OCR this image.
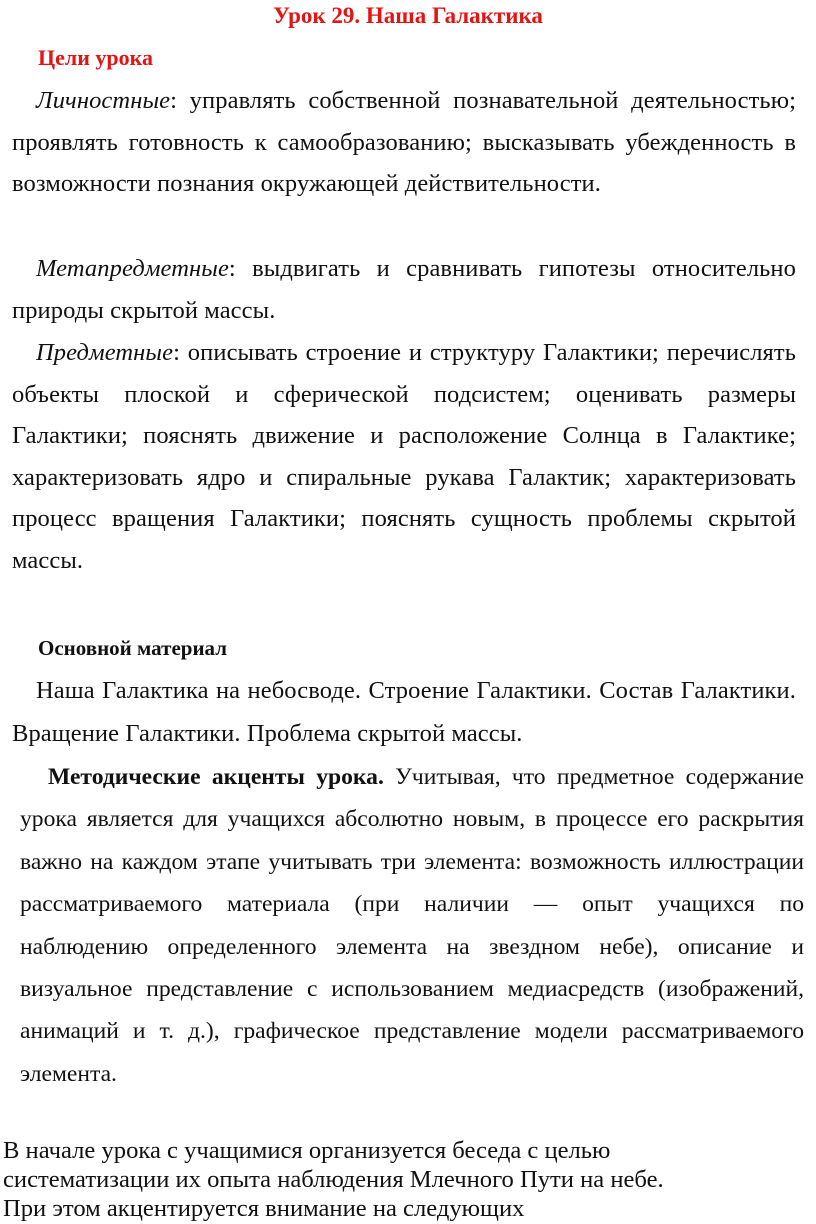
Урок 29. Наша Галактика
Цели урока

Личностные: управлять собственной познавательной деятельностью; проявлять готовность к самообразованию; высказывать убежденность в возможности познания окружающей действительности.

Метапредметные: выдвигать и сравнивать гипотезы относительно природы скрытой массы.

Предметные: описывать строение и структуру Галактики; перечислять объекты плоской и сферической подсистем; оценивать размеры Галактики; пояснять движение и расположение Солнца в Галактике; характеризовать ядро и спиральные рукава Галактик; характеризовать процесс вращения Галактики; пояснять сущность проблемы скрытой массы.

Основной материал

Наша Галактика на небосводе. Строение Галактики. Состав Галактики. Вращение Галактики. Проблема скрытой массы.

Методические акценты урока. Учитывая, что предметное содержание урока является для учащихся абсолютно новым, в процессе его раскрытия важно на каждом этапе учитывать три элемента: возможность иллюстрации рассматриваемого материала (при наличии — опыт учащихся по наблюдению определенного элемента на звездном небе), описание и визуальное представление с использованием медиасредств (изображений, анимаций и т. д.), графическое представление модели рассматриваемого элемента.

В начале урока с учащимися организуется беседа с целью
систематизации их опыта наблюдения Млечного Пути на небе.
При этом акцентируется внимание на следующих
